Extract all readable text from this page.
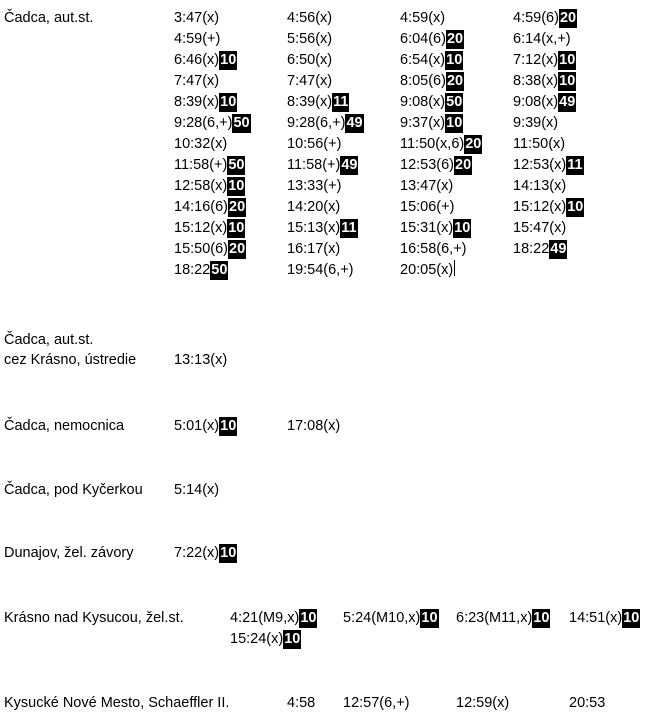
Čadca, aut.st.	3:47(x)	4:56(x)	4:59(x)	4:59(6)20
4:59(+)	5:56(x)	6:04(6)20	6:14(x,+)
6:46(x)10	6:50(x)	6:54(x)10	7:12(x)10
7:47(x)	7:47(x)	8:05(6)20	8:38(x)10
8:39(x)10	8:39(x)11	9:08(x)50	9:08(x)49
9:28(6,+)50	9:28(6,+)49	9:37(x)10	9:39(x)
10:32(x)	10:56(+)	11:50(x,6)20 11:50(x)
11:58(+)50	11:58(+)49	12:53(6)20	12:53(x)11
12:58(x)10	13:33(+)	13:47(x)	14:13(x)
14:16(6)20	14:20(x)	15:06(+)	15:12(x)10
15:12(x)10	15:13(x)11	15:31(x)10	15:47(x)
15:50(6)20	16:17(x)	16:58(6,+)	18:2249
18:2250	19:54(6,+)	20:05(x)
Čadca, aut.st.
cez Krásno, ústredie	13:13(x)
Čadca, nemocnica	5:01(x)10	17:08(x)
Čadca, pod Kyčerkou 5:14(x)
Dunajov, žel. závory	7:22(x)10
Krásno nad Kysucou, žel.st.	4:21(M9,x)10 5:24(M10,x)10 6:23(M11,x)10 14:51(x)10
15:24(x)10
Kysucké Nové Mesto, Schaeffler II.	4:58 12:57(6,+)	12:59(x)	20:53
